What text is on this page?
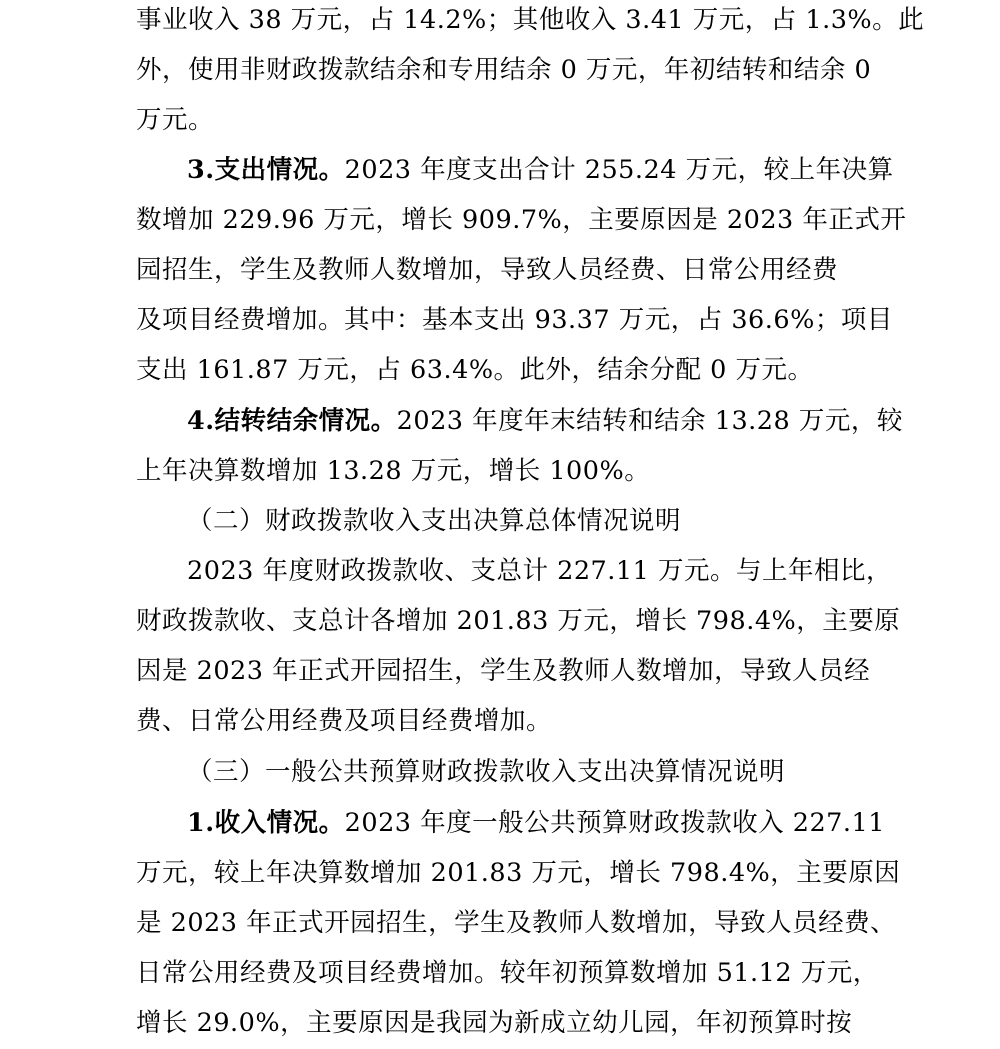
事业收入 38 万元，占 14.2%；其他收入 3.41 万元，占 1.3%。此
外，使用非财政拨款结余和专用结余 0 万元，年初结转和结余 0
万元。
3.支出情况。2023 年度支出合计 255.24 万元，较上年决算
数增加 229.96 万元，增长 909.7%，主要原因是 2023 年正式开
园招生，学生及教师人数增加，导致人员经费、日常公用经费
及项目经费增加。其中：基本支出 93.37 万元，占 36.6%；项目
支出 161.87 万元，占 63.4%。此外，结余分配 0 万元。
4.结转结余情况。2023 年度年末结转和结余 13.28 万元，较
上年决算数增加 13.28 万元，增长 100%。
（二）财政拨款收入支出决算总体情况说明
2023 年度财政拨款收、支总计 227.11 万元。与上年相比，
财政拨款收、支总计各增加 201.83 万元，增长 798.4%，主要原
因是 2023 年正式开园招生，学生及教师人数增加，导致人员经
费、日常公用经费及项目经费增加。
（三）一般公共预算财政拨款收入支出决算情况说明
1.收入情况。2023 年度一般公共预算财政拨款收入 227.11
万元，较上年决算数增加 201.83 万元，增长 798.4%，主要原因
是 2023 年正式开园招生，学生及教师人数增加，导致人员经费、
日常公用经费及项目经费增加。较年初预算数增加 51.12 万元，
增长 29.0%，主要原因是我园为新成立幼儿园，年初预算时按
